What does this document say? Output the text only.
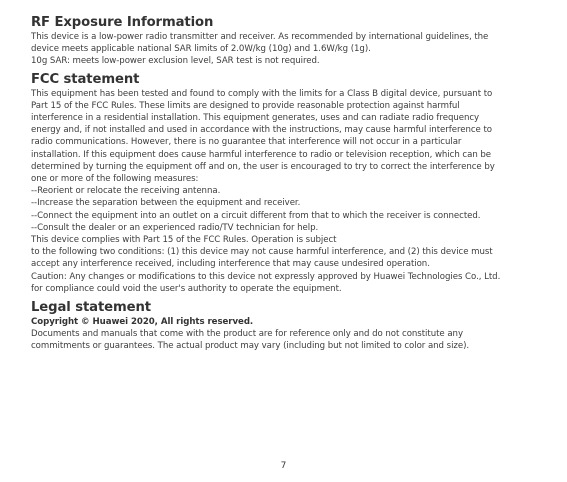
RF Exposure Information

This device is a low-power radio transmitter and receiver. As recommended by international guidelines, the

device meets applicable national SAR limits of 2.0W/kg (10g) and 1.6W/kg (1g).

10g SAR: meets low-power exclusion level, SAR test is not required.

FCC statement

This equipment has been tested and found to comply with the limits for a Class B digital device, pursuant to

Part 15 of the FCC Rules. These limits are designed to provide reasonable protection against harmful

interference in a residential installation. This equipment generates, uses and can radiate radio frequency

energy and, if not installed and used in accordance with the instructions, may cause harmful interference to

radio communications. However, there is no guarantee that interference will not occur in a particular

installation. If this equipment does cause harmful interference to radio or television reception, which can be

determined by turning the equipment off and on, the user is encouraged to try to correct the interference by

one or more of the following measures:

--Reorient or relocate the receiving antenna.

--Increase the separation between the equipment and receiver.

--Connect the equipment into an outlet on a circuit different from that to which the receiver is connected.

--Consult the dealer or an experienced radio/TV technician for help.

This device complies with Part 15 of the FCC Rules. Operation is subject

to the following two conditions: (1) this device may not cause harmful interference, and (2) this device must

accept any interference received, including interference that may cause undesired operation.

Caution: Any changes or modifications to this device not expressly approved by Huawei Technologies Co., Ltd.

for compliance could void the user's authority to operate the equipment.

Legal statement

Copyright © Huawei 2020, All rights reserved.

Documents and manuals that come with the product are for reference only and do not constitute any

commitments or guarantees. The actual product may vary (including but not limited to color and size).

7
